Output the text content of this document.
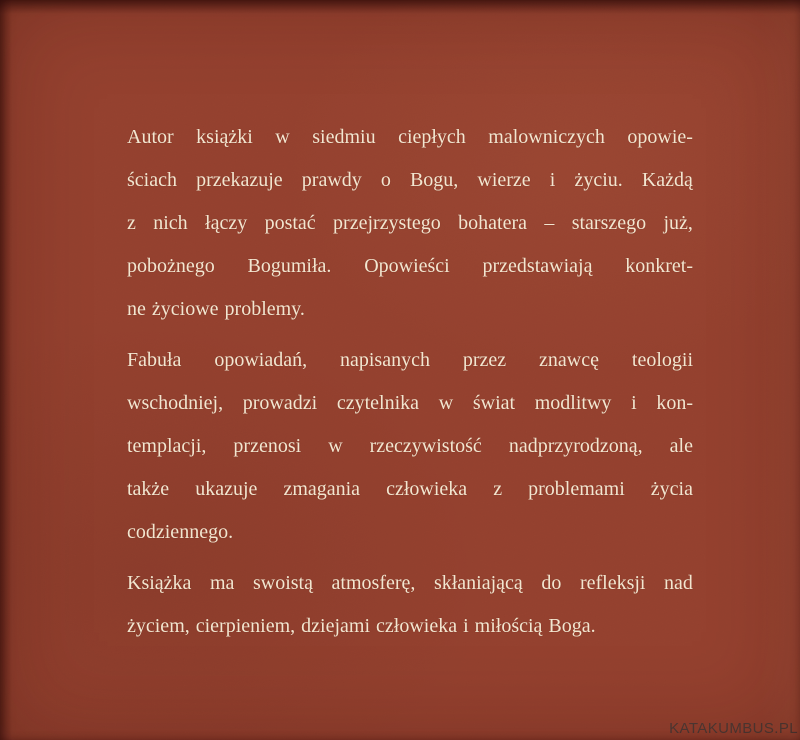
Autor książki w siedmiu ciepłych malowniczych opowie-
ściach przekazuje prawdy o Bogu, wierze i życiu. Każdą
z nich łączy postać przejrzystego bohatera – starszego już,
pobożnego Bogumiła. Opowieści przedstawiają konkret-
ne życiowe problemy.
Fabuła opowiadań, napisanych przez znawcę teologii
wschodniej, prowadzi czytelnika w świat modlitwy i kon-
templacji, przenosi w rzeczywistość nadprzyrodzoną, ale
także ukazuje zmagania człowieka z problemami życia
codziennego.
Książka ma swoistą atmosferę, skłaniającą do refleksji nad
życiem, cierpieniem, dziejami człowieka i miłością Boga.
KATAKUMBUS.PL
